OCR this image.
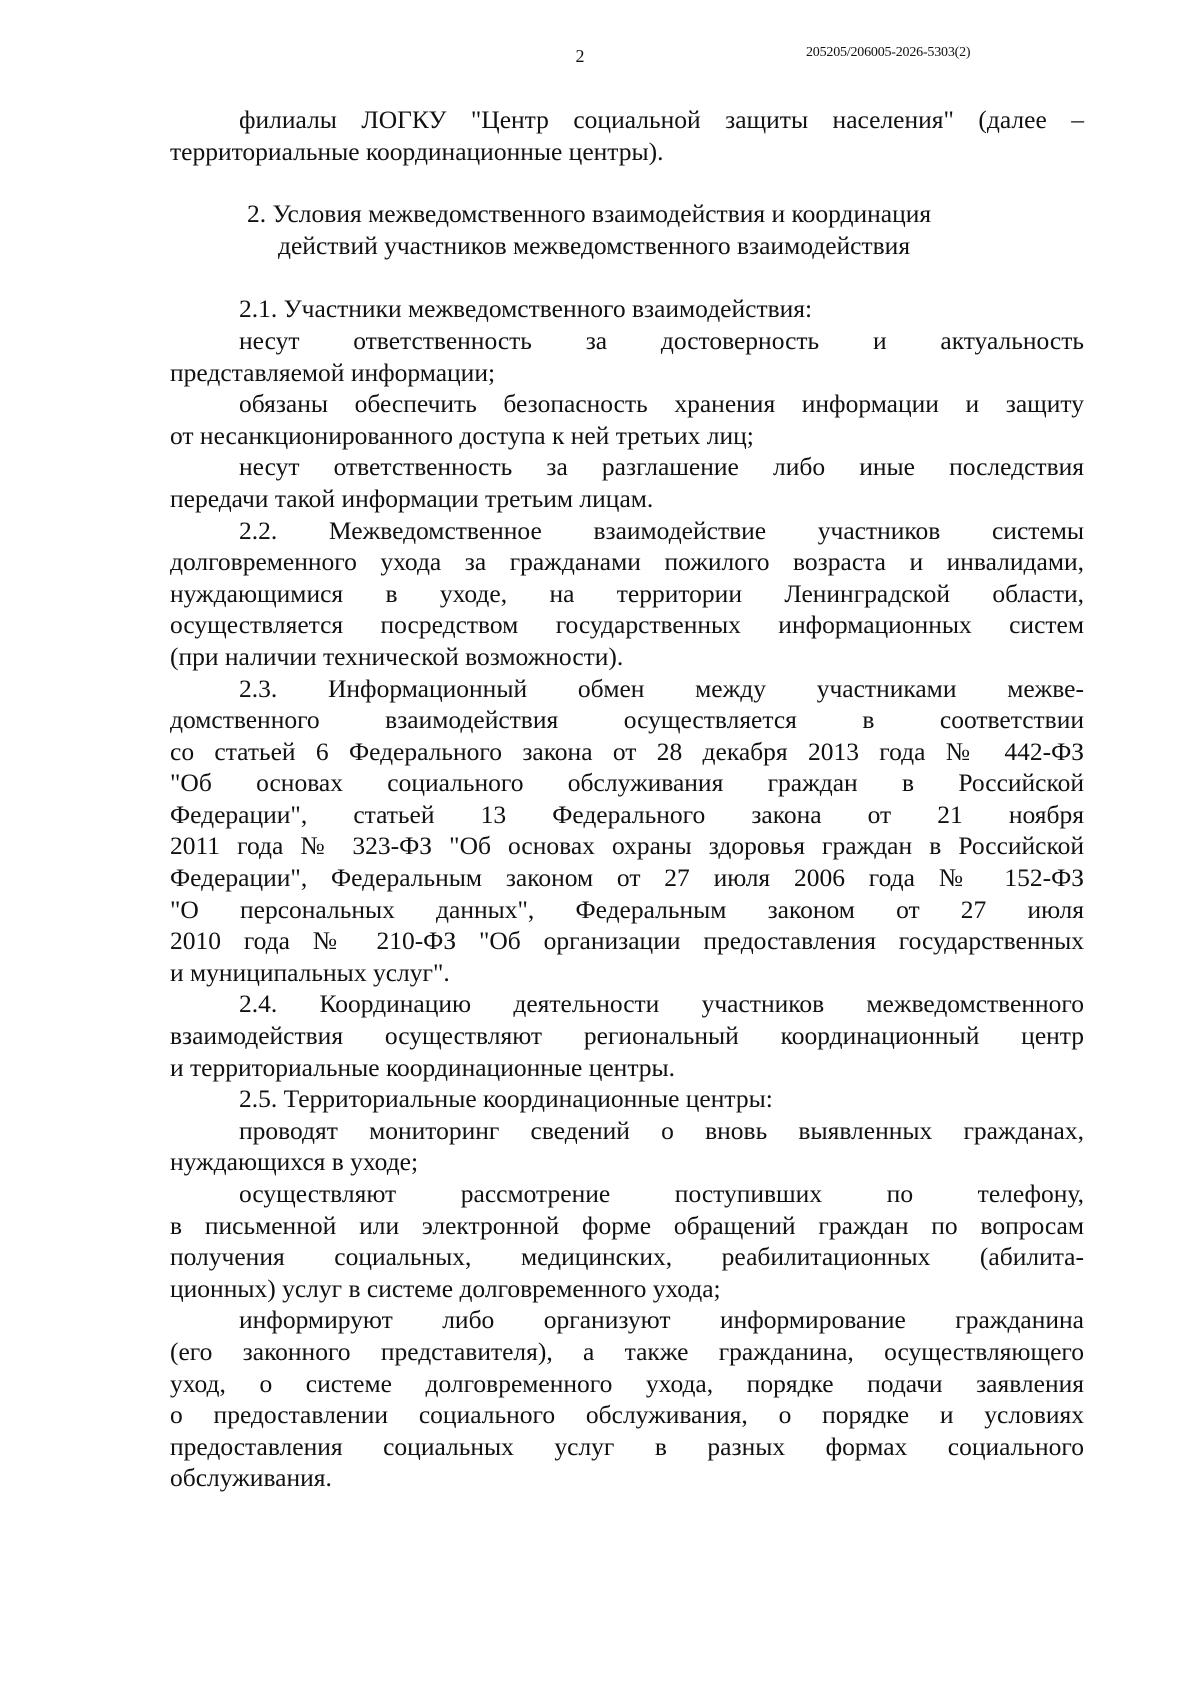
2	205205/206005-2026-5303(2)
филиалы ЛОГКУ "Центр социальной защиты населения" (далее –
территориальные координационные центры).
2. Условия межведомственного взаимодействия и координация
действий участников межведомственного взаимодействия
2.1. Участники межведомственного взаимодействия:
несут ответственность за достоверность и актуальность
представляемой информации;
обязаны обеспечить безопасность хранения информации и защиту
от несанкционированного доступа к ней третьих лиц;
несут ответственность за разглашение либо иные последствия
передачи такой информации третьим лицам.
2.2. Межведомственное взаимодействие участников системы
долговременного ухода за гражданами пожилого возраста и инвалидами,
нуждающимися в уходе, на территории Ленинградской области,
осуществляется посредством государственных информационных систем
(при наличии технической возможности).
2.3. Информационный обмен между участниками межве-
домственного взаимодействия осуществляется в соответствии
со статьей 6 Федерального закона от 28 декабря 2013 года № 442-ФЗ
"Об основах социального обслуживания граждан в Российской
Федерации", статьей 13 Федерального закона от 21 ноября
2011 года № 323-ФЗ "Об основах охраны здоровья граждан в Российской
Федерации", Федеральным законом от 27 июля 2006 года № 152-ФЗ
"О персональных данных", Федеральным законом от 27 июля
2010 года № 210-ФЗ "Об организации предоставления государственных
и муниципальных услуг".
2.4. Координацию деятельности участников межведомственного
взаимодействия осуществляют региональный координационный центр
и территориальные координационные центры.
2.5. Территориальные координационные центры:
проводят мониторинг сведений о вновь выявленных гражданах,
нуждающихся в уходе;
осуществляют рассмотрение поступивших по телефону,
в письменной или электронной форме обращений граждан по вопросам
получения социальных, медицинских, реабилитационных (абилита-
ционных) услуг в системе долговременного ухода;
информируют либо организуют информирование гражданина
(его законного представителя), а также гражданина, осуществляющего
уход, о системе долговременного ухода, порядке подачи заявления
о предоставлении социального обслуживания, о порядке и условиях
предоставления социальных услуг в разных формах социального
обслуживания.
